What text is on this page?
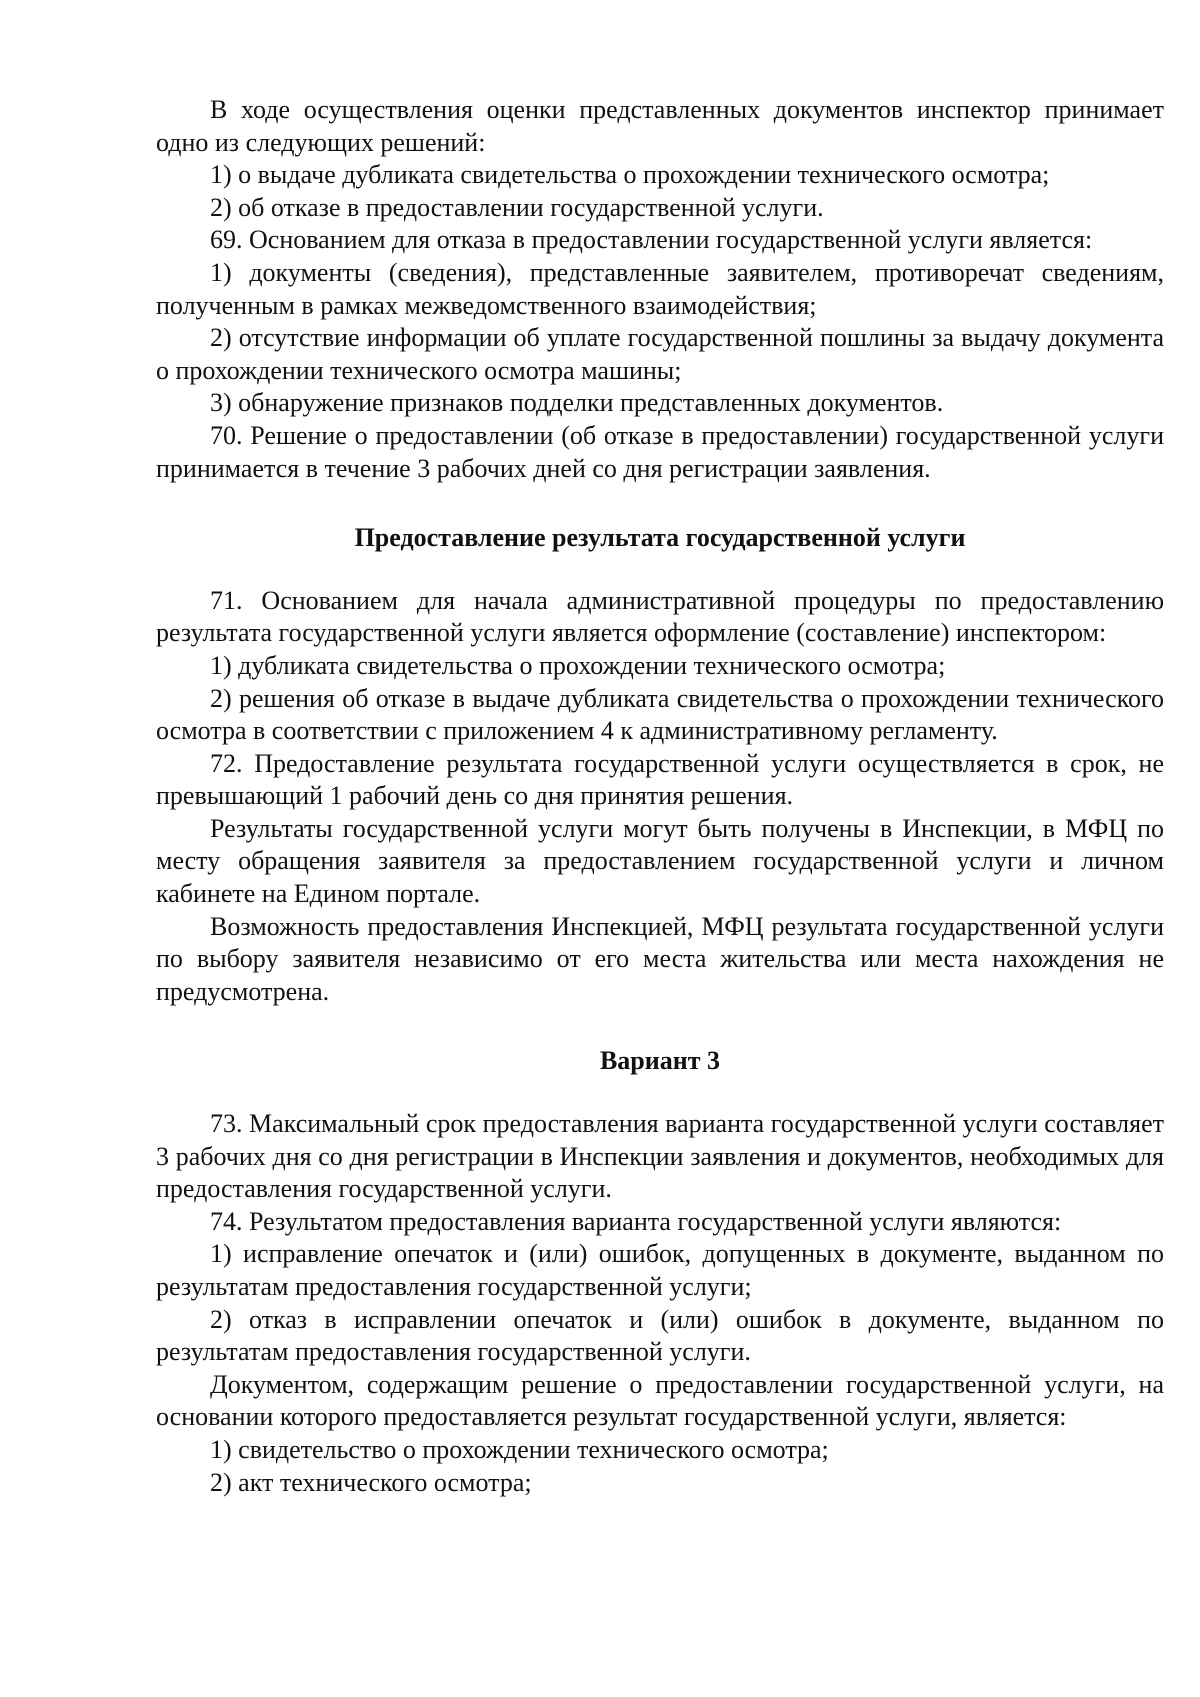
В ходе осуществления оценки представленных документов инспектор принимает одно из следующих решений:

1) о выдаче дубликата свидетельства о прохождении технического осмотра;

2) об отказе в предоставлении государственной услуги.

69. Основанием для отказа в предоставлении государственной услуги является:

1) документы (сведения), представленные заявителем, противоречат сведениям, полученным в рамках межведомственного взаимодействия;

2) отсутствие информации об уплате государственной пошлины за выдачу документа о прохождении технического осмотра машины;

3) обнаружение признаков подделки представленных документов.

70. Решение о предоставлении (об отказе в предоставлении) государственной услуги принимается в течение 3 рабочих дней со дня регистрации заявления.

Предоставление результата государственной услуги

71. Основанием для начала административной процедуры по предоставлению результата государственной услуги является оформление (составление) инспектором:

1) дубликата свидетельства о прохождении технического осмотра;

2) решения об отказе в выдаче дубликата свидетельства о прохождении технического осмотра в соответствии с приложением 4 к административному регламенту.

72. Предоставление результата государственной услуги осуществляется в срок, не превышающий 1 рабочий день со дня принятия решения.

Результаты государственной услуги могут быть получены в Инспекции, в МФЦ по месту обращения заявителя за предоставлением государственной услуги и личном кабинете на Едином портале.

Возможность предоставления Инспекцией, МФЦ результата государственной услуги по выбору заявителя независимо от его места жительства или места нахождения не предусмотрена.

Вариант 3

73. Максимальный срок предоставления варианта государственной услуги составляет 3 рабочих дня со дня регистрации в Инспекции заявления и документов, необходимых для предоставления государственной услуги.

74. Результатом предоставления варианта государственной услуги являются:

1) исправление опечаток и (или) ошибок, допущенных в документе, выданном по результатам предоставления государственной услуги;

2) отказ в исправлении опечаток и (или) ошибок в документе, выданном по результатам предоставления государственной услуги.

Документом, содержащим решение о предоставлении государственной услуги, на основании которого предоставляется результат государственной услуги, является:

1) свидетельство о прохождении технического осмотра;

2) акт технического осмотра;
